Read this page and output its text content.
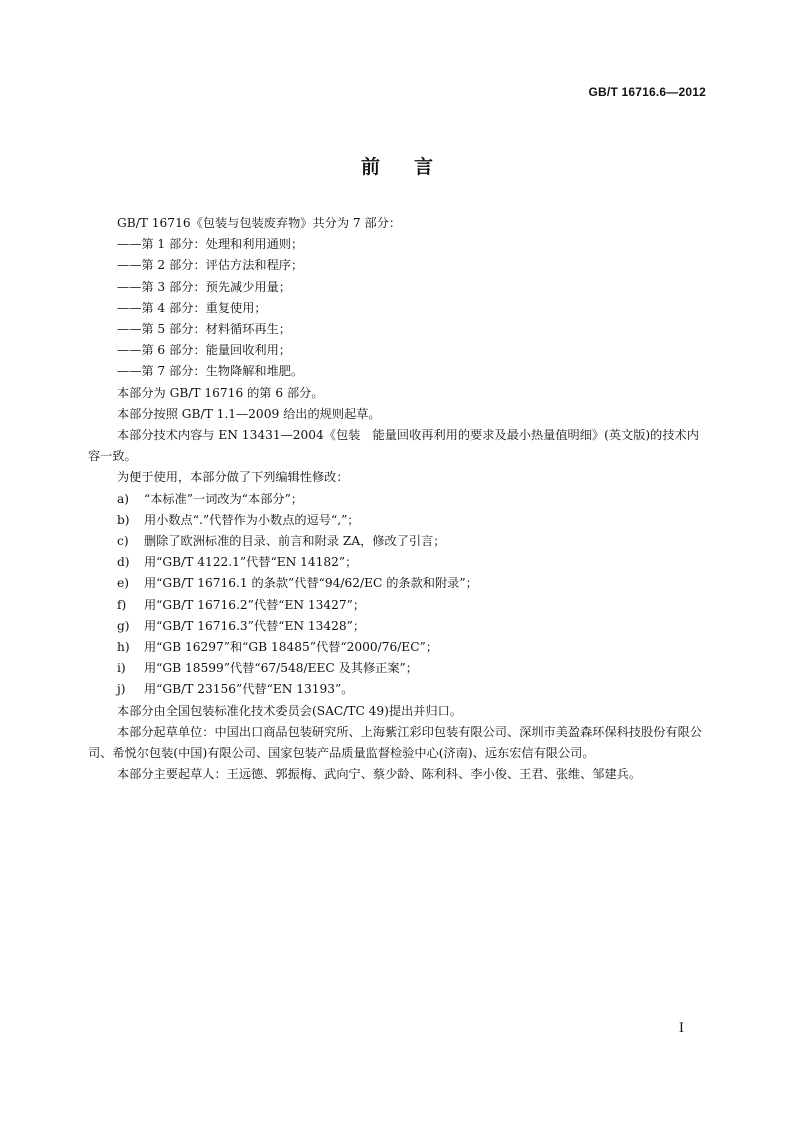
GB/T 16716.6—2012
前言

GB/T 16716《包装与包装废弃物》共分为 7 部分：

——第 1 部分：处理和利用通则；

——第 2 部分：评估方法和程序；

——第 3 部分：预先减少用量；

——第 4 部分：重复使用；

——第 5 部分：材料循环再生；

——第 6 部分：能量回收利用；

——第 7 部分：生物降解和堆肥。

本部分为 GB/T 16716 的第 6 部分。

本部分按照 GB/T 1.1—2009 给出的规则起草。

本部分技术内容与 EN 13431—2004《包装　能量回收再利用的要求及最小热量值明细》(英文版)的技术内容一致。

为便于使用，本部分做了下列编辑性修改：

a) “本标准”一词改为“本部分”；

b) 用小数点“.”代替作为小数点的逗号“,”；

c) 删除了欧洲标准的目录、前言和附录 ZA，修改了引言；

d) 用“GB/T 4122.1”代替“EN 14182”；

e) 用“GB/T 16716.1 的条款”代替“94/62/EC 的条款和附录”；

f) 用“GB/T 16716.2”代替“EN 13427”；

g) 用“GB/T 16716.3”代替“EN 13428”；

h) 用“GB 16297”和“GB 18485”代替“2000/76/EC”；

i) 用“GB 18599”代替“67/548/EEC 及其修正案”；

j) 用“GB/T 23156”代替“EN 13193”。

本部分由全国包装标准化技术委员会(SAC/TC 49)提出并归口。

本部分起草单位：中国出口商品包装研究所、上海紫江彩印包装有限公司、深圳市美盈森环保科技股份有限公司、希悦尔包装(中国)有限公司、国家包装产品质量监督检验中心(济南)、远东宏信有限公司。

本部分主要起草人：王远德、郭振梅、武向宁、蔡少龄、陈利科、李小俊、王君、张维、邹建兵。

I
